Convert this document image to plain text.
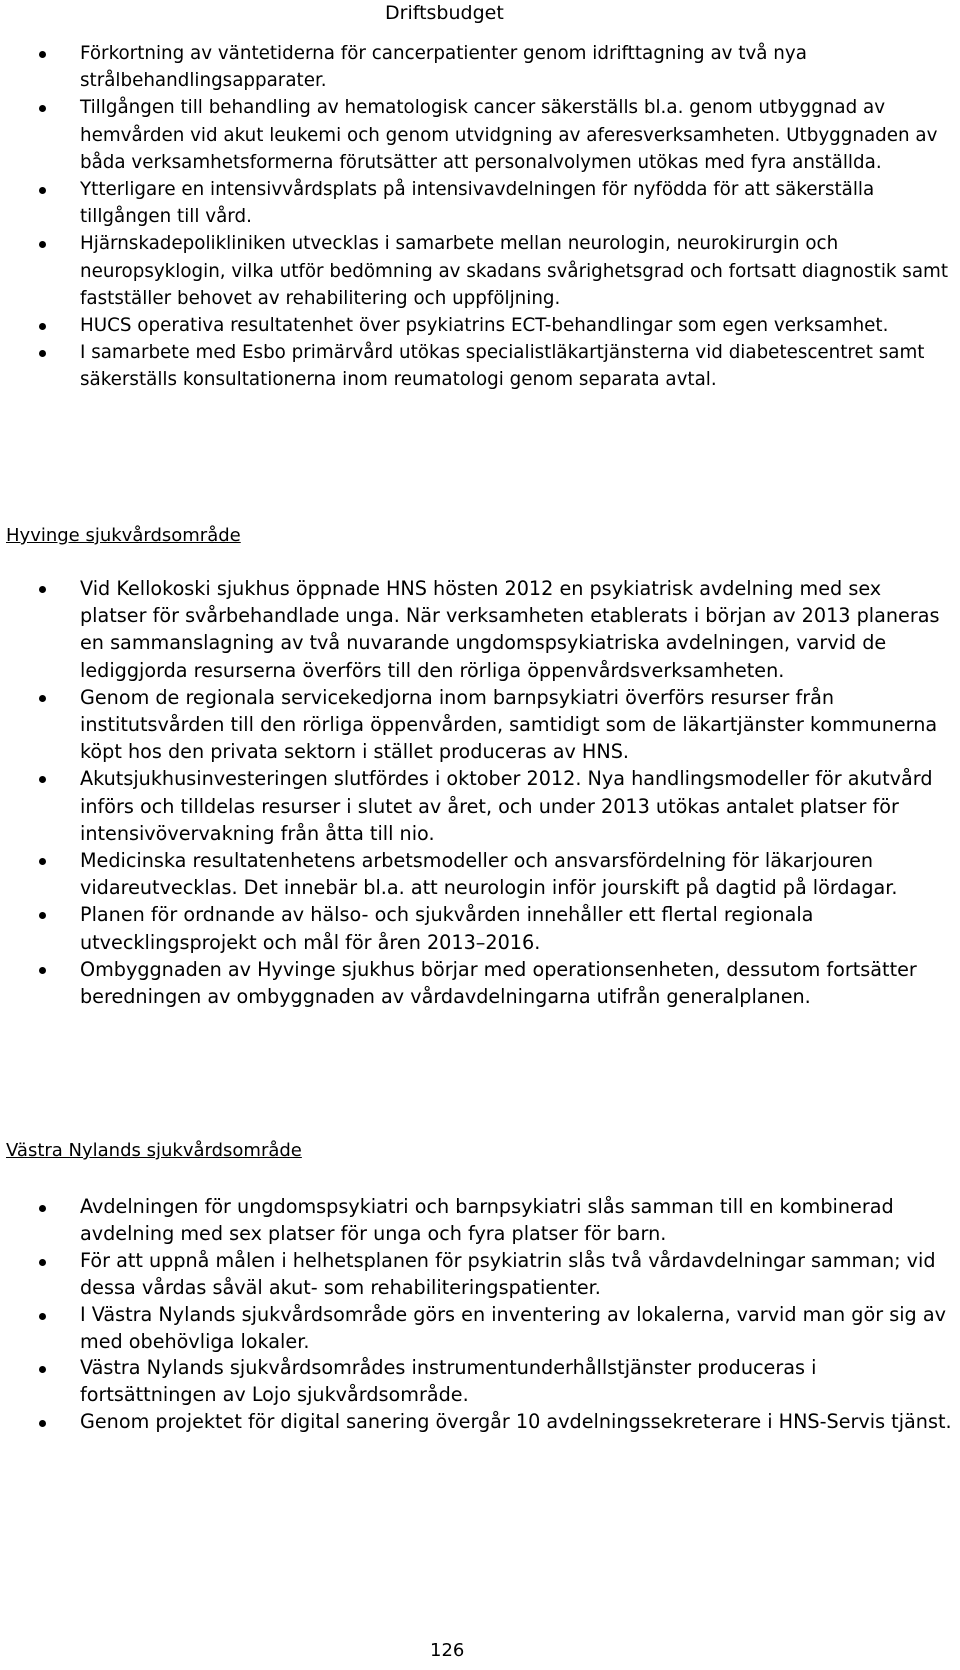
Driftsbudget
Förkortning av väntetiderna för cancerpatienter genom idrifttagning av två nya strålbehandlingsapparater.
Tillgången till behandling av hematologisk cancer säkerställs bl.a. genom utbyggnad av hemvården vid akut leukemi och genom utvidgning av aferesverksamheten. Utbyggnaden av båda verksamhetsformerna förutsätter att personalvolymen utökas med fyra anställda.
Ytterligare en intensivvårdsplats på intensivavdelningen för nyfödda för att säkerställa tillgången till vård.
Hjärnskadepolikliniken utvecklas i samarbete mellan neurologin, neurokirurgin och neuropsyklogin, vilka utför bedömning av skadans svårighetsgrad och fortsatt diagnostik samt fastställer behovet av rehabilitering och uppföljning.
HUCS operativa resultatenhet över psykiatrins ECT-behandlingar som egen verksamhet.
I samarbete med Esbo primärvård utökas specialistläkartjänsterna vid diabetescentret samt säkerställs konsultationerna inom reumatologi genom separata avtal.
Hyvinge sjukvårdsområde
Vid Kellokoski sjukhus öppnade HNS hösten 2012 en psykiatrisk avdelning med sex platser för svårbehandlade unga. När verksamheten etablerats i början av 2013 planeras en sammanslagning av två nuvarande ungdomspsykiatriska avdelningen, varvid de lediggjorda resurserna överförs till den rörliga öppenvårdsverksamheten.
Genom de regionala servicekedjorna inom barnpsykiatri överförs resurser från institutsvården till den rörliga öppenvården, samtidigt som de läkartjänster kommunerna köpt hos den privata sektorn i stället produceras av HNS.
Akutsjukhusinvesteringen slutfördes i oktober 2012. Nya handlingsmodeller för akutvård införs och tilldelas resurser i slutet av året, och under 2013 utökas antalet platser för intensivövervakning från åtta till nio.
Medicinska resultatenhetens arbetsmodeller och ansvarsfördelning för läkarjouren vidareutvecklas. Det innebär bl.a. att neurologin inför jourskift på dagtid på lördagar.
Planen för ordnande av hälso- och sjukvården innehåller ett flertal regionala utvecklingsprojekt och mål för åren 2013–2016.
Ombyggnaden av Hyvinge sjukhus börjar med operationsenheten, dessutom fortsätter beredningen av ombyggnaden av vårdavdelningarna utifrån generalplanen.
Västra Nylands sjukvårdsområde
Avdelningen för ungdomspsykiatri och barnpsykiatri slås samman till en kombinerad avdelning med sex platser för unga och fyra platser för barn.
För att uppnå målen i helhetsplanen för psykiatrin slås två vårdavdelningar samman; vid dessa vårdas såväl akut- som rehabiliteringspatienter.
I Västra Nylands sjukvårdsområde görs en inventering av lokalerna, varvid man gör sig av med obehövliga lokaler.
Västra Nylands sjukvårdsområdes instrumentunderhållstjänster produceras i fortsättningen av Lojo sjukvårdsområde.
Genom projektet för digital sanering övergår 10 avdelningssekreterare i HNS-Servis tjänst.
126
